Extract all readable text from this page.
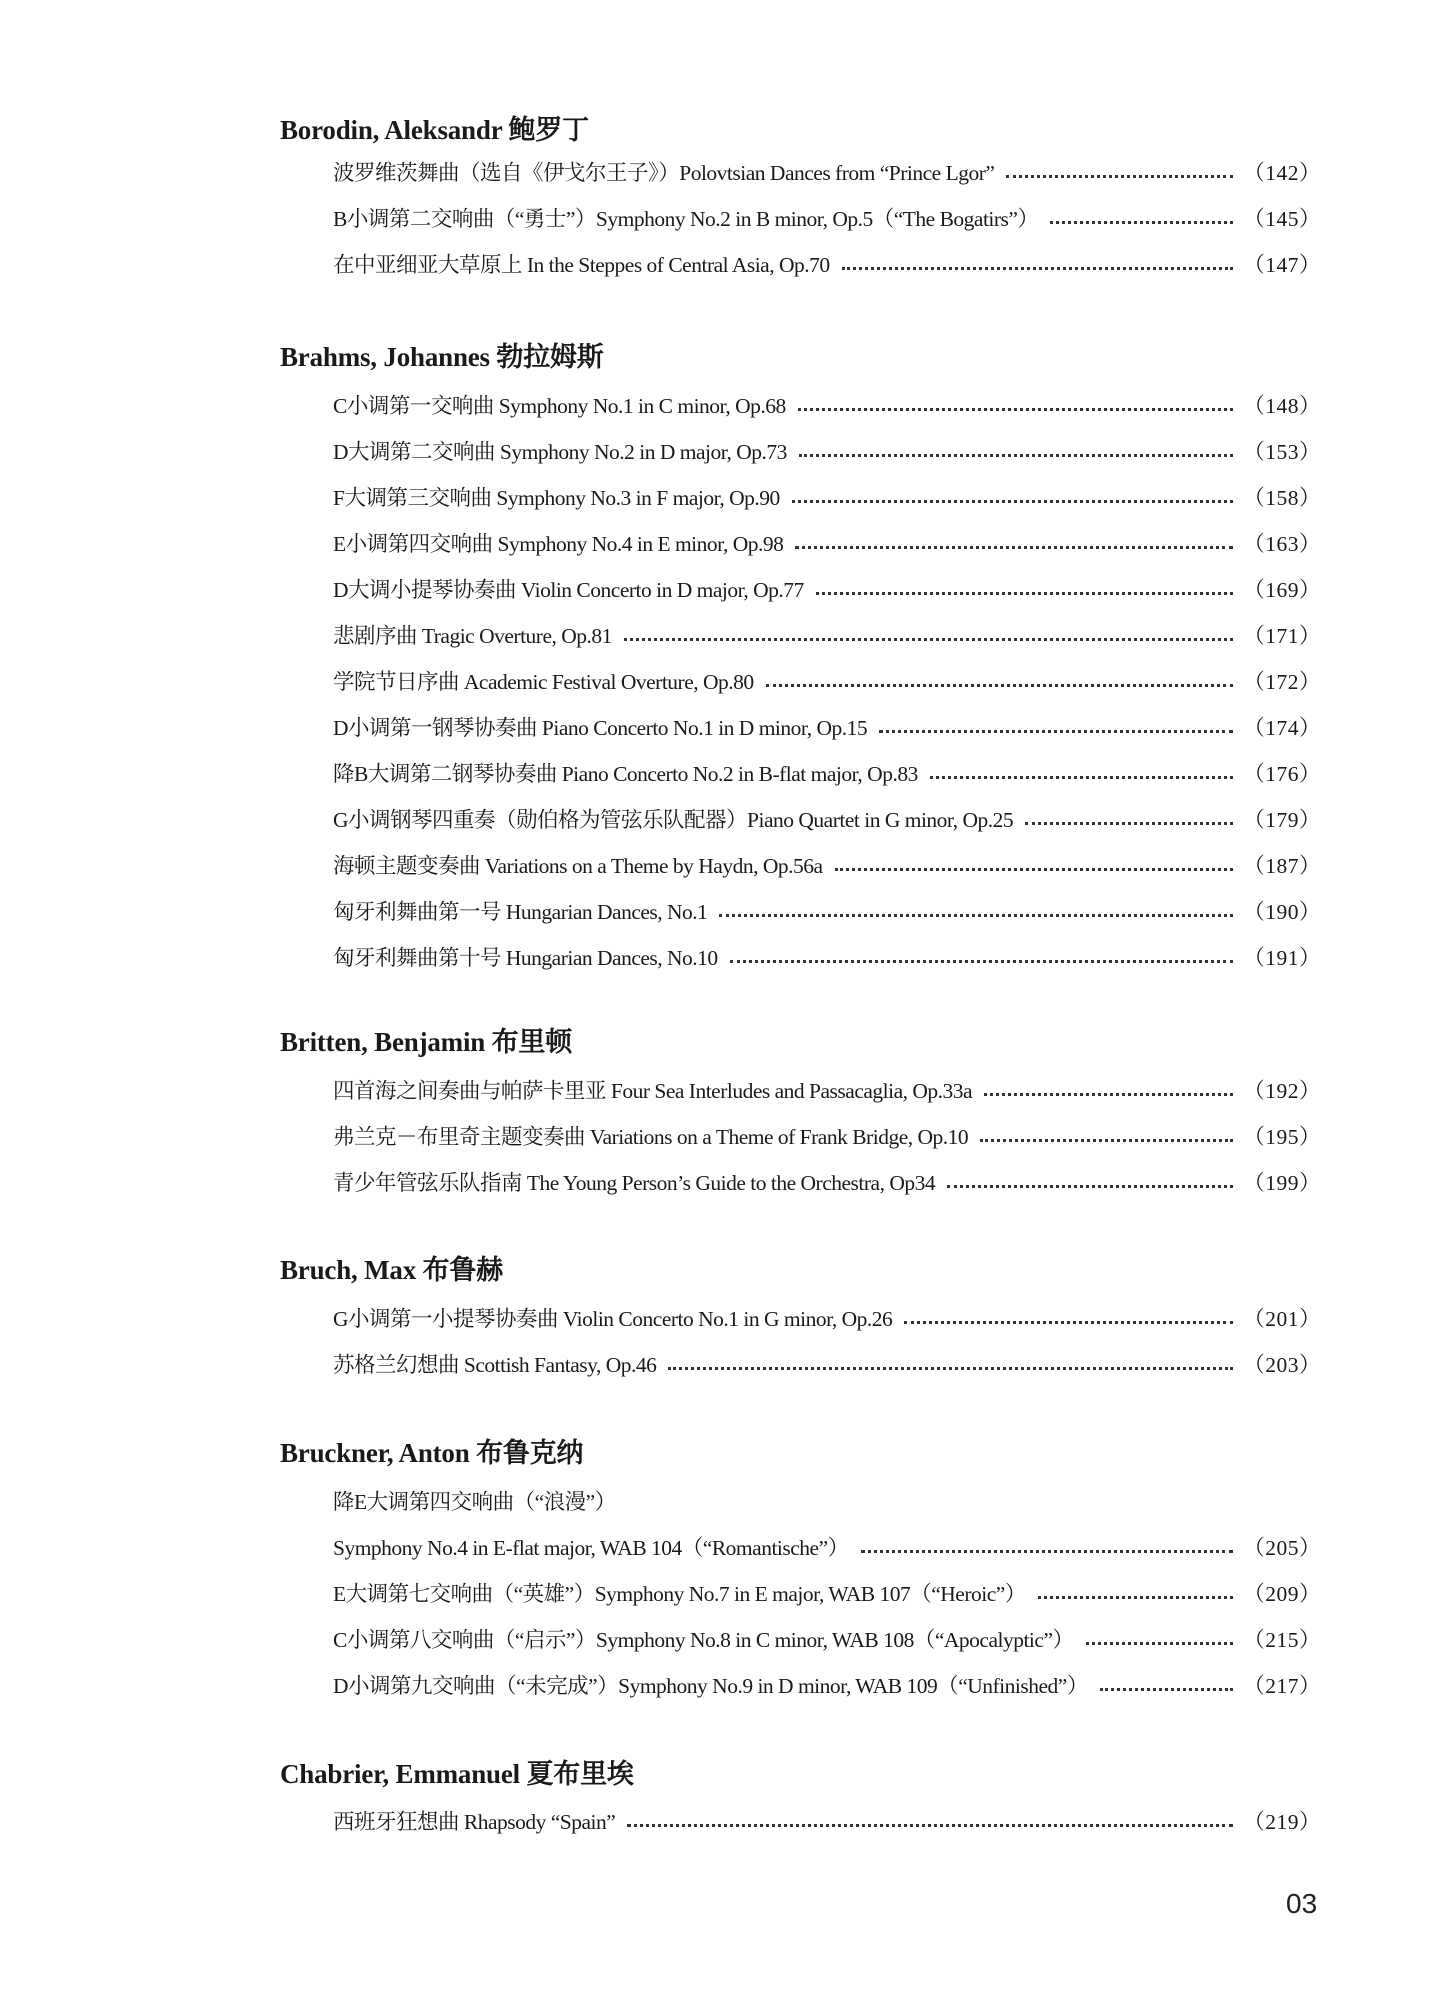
Borodin, Aleksandr 鲍罗丁
波罗维茨舞曲（选自《伊戈尔王子》）Polovtsian Dances from “Prince Lgor”	（142）
B小调第二交响曲（“勇士”）Symphony No.2 in B minor, Op.5（“The Bogatirs”）	（145）
在中亚细亚大草原上 In the Steppes of Central Asia, Op.70	（147）
Brahms, Johannes 勃拉姆斯
C小调第一交响曲 Symphony No.1 in C minor, Op.68	（148）
D大调第二交响曲 Symphony No.2 in D major, Op.73	（153）
F大调第三交响曲 Symphony No.3 in F major, Op.90	（158）
E小调第四交响曲 Symphony No.4 in E minor, Op.98	（163）
D大调小提琴协奏曲 Violin Concerto in D major, Op.77	（169）
悲剧序曲 Tragic Overture, Op.81	（171）
学院节日序曲 Academic Festival Overture, Op.80	（172）
D小调第一钢琴协奏曲 Piano Concerto No.1 in D minor, Op.15	（174）
降B大调第二钢琴协奏曲 Piano Concerto No.2 in B-flat major, Op.83	（176）
G小调钢琴四重奏（勋伯格为管弦乐队配器）Piano Quartet in G minor, Op.25	（179）
海顿主题变奏曲 Variations on a Theme by Haydn, Op.56a	（187）
匈牙利舞曲第一号 Hungarian Dances, No.1	（190）
匈牙利舞曲第十号 Hungarian Dances, No.10	（191）
Britten, Benjamin 布里顿
四首海之间奏曲与帕萨卡里亚 Four Sea Interludes and Passacaglia, Op.33a	（192）
弗兰克－布里奇主题变奏曲 Variations on a Theme of Frank Bridge, Op.10	（195）
青少年管弦乐队指南 The Young Person’s Guide to the Orchestra, Op34	（199）
Bruch, Max 布鲁赫
G小调第一小提琴协奏曲 Violin Concerto No.1 in G minor, Op.26	（201）
苏格兰幻想曲 Scottish Fantasy, Op.46	（203）
Bruckner, Anton 布鲁克纳
降E大调第四交响曲（“浪漫”）
Symphony No.4 in E-flat major, WAB 104（“Romantische”）	（205）
E大调第七交响曲（“英雄”）Symphony No.7 in E major, WAB 107（“Heroic”）	（209）
C小调第八交响曲（“启示”）Symphony No.8 in C minor, WAB 108（“Apocalyptic”）	（215）
D小调第九交响曲（“未完成”）Symphony No.9 in D minor, WAB 109（“Unfinished”）	（217）
Chabrier, Emmanuel 夏布里埃
西班牙狂想曲 Rhapsody “Spain”	（219）
03
